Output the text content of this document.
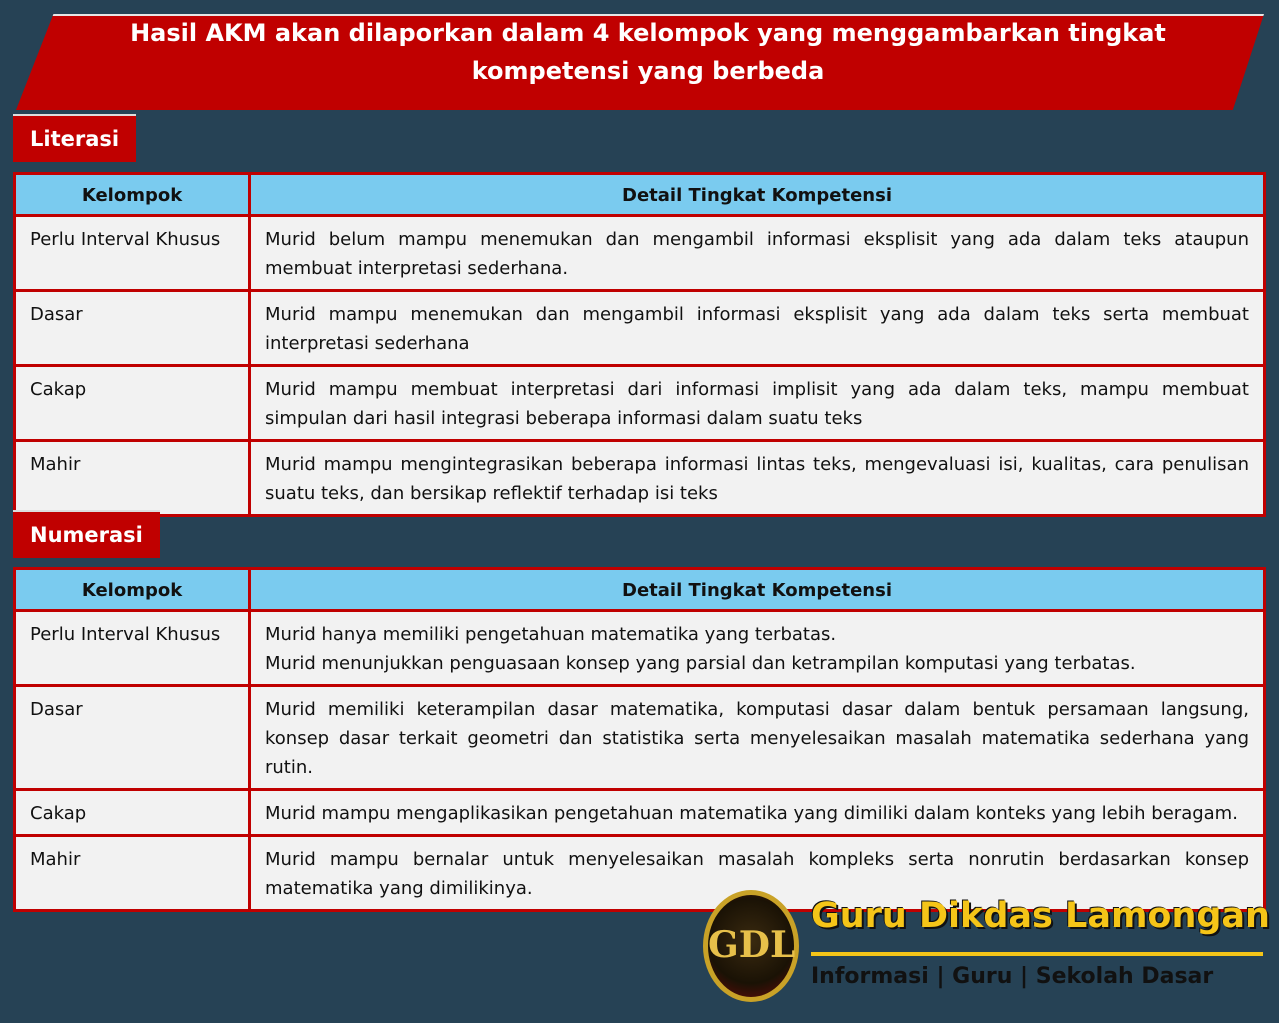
Hasil AKM akan dilaporkan dalam 4 kelompok yang menggambarkan tingkat
kompetensi yang berbeda
Literasi
Kelompok	Detail Tingkat Kompetensi
Perlu Interval Khusus	Murid belum mampu menemukan dan mengambil informasi eksplisit yang ada dalam teks ataupun membuat interpretasi sederhana.
Dasar	Murid mampu menemukan dan mengambil informasi eksplisit yang ada dalam teks serta membuat interpretasi sederhana
Cakap	Murid mampu membuat interpretasi dari informasi implisit yang ada dalam teks, mampu membuat simpulan dari hasil integrasi beberapa informasi dalam suatu teks
Mahir	Murid mampu mengintegrasikan beberapa informasi lintas teks, mengevaluasi isi, kualitas, cara penulisan suatu teks, dan bersikap reflektif terhadap isi teks
Numerasi
Kelompok	Detail Tingkat Kompetensi
Perlu Interval Khusus	Murid hanya memiliki pengetahuan matematika yang terbatas.
Murid menunjukkan penguasaan konsep yang parsial dan ketrampilan komputasi yang terbatas.

Dasar	Murid memiliki keterampilan dasar matematika, komputasi dasar dalam bentuk persamaan langsung, konsep dasar terkait geometri dan statistika serta menyelesaikan masalah matematika sederhana yang rutin.
Cakap	Murid mampu mengaplikasikan pengetahuan matematika yang dimiliki dalam konteks yang lebih beragam.
Mahir	Murid mampu bernalar untuk menyelesaikan masalah kompleks serta nonrutin berdasarkan konsep matematika yang dimilikinya.
GDL
Guru Dikdas Lamongan
Informasi | Guru | Sekolah Dasar
